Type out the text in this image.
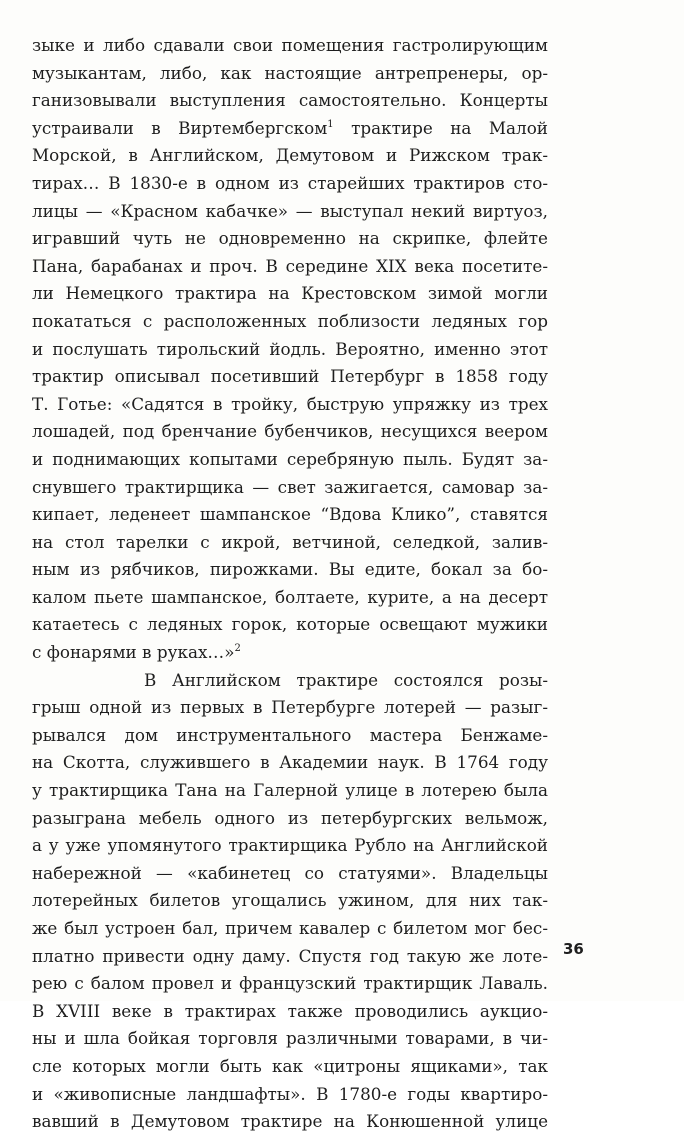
зыке и либо сдавали свои помещения гастролирующим
музыкантам, либо, как настоящие антрепренеры, ор-
ганизовывали выступления самостоятельно. Концерты
устраивали в Виртембергском$^1$ трактире на Малой
Морской, в Английском, Демутовом и Рижском трак-
тирах… В 1830-е в одном из старейших трактиров сто-
лицы — «Красном кабачке» — выступал некий виртуоз,
игравший чуть не одновременно на скрипке, флейте
Пана, барабанах и проч. В середине XIX века посетите-
ли Немецкого трактира на Крестовском зимой могли
покататься с расположенных поблизости ледяных гор
и послушать тирольский йодль. Вероятно, именно этот
трактир описывал посетивший Петербург в 1858 году
Т. Готье: «Садятся в тройку, быструю упряжку из трех
лошадей, под бренчание бубенчиков, несущихся веером
и поднимающих копытами серебряную пыль. Будят за-
снувшего трактирщика — свет зажигается, самовар за-
кипает, леденеет шампанское “Вдова Клико”, ставятся
на стол тарелки с икрой, ветчиной, селедкой, залив-
ным из рябчиков, пирожками. Вы едите, бокал за бо-
калом пьете шампанское, болтаете, курите, а на десерт
катаетесь с ледяных горок, которые освещают мужики
с фонарями в руках…»$^2$
В Английском трактире состоялся розы-
грыш одной из первых в Петербурге лотерей — разыг-
рывался дом инструментального мастера Бенжаме-
на Скотта, служившего в Академии наук. В 1764 году
у трактирщика Тана на Галерной улице в лотерею была
разыграна мебель одного из петербургских вельмож,
а у уже упомянутого трактирщика Рубло на Английской
набережной — «кабинетец со статуями». Владельцы
лотерейных билетов угощались ужином, для них так-
же был устроен бал, причем кавалер с билетом мог бес-
платно привести одну даму. Спустя год такую же лоте-
рею с балом провел и французский трактирщик Лаваль.
В XVIII веке в трактирах также проводились аукцио-
ны и шла бойкая торговля различными товарами, в чи-
сле которых могли быть как «цитроны ящиками», так
и «живописные ландшафты». В 1780-е годы квартиро-
вавший в Демутовом трактире на Конюшенной улице
36
